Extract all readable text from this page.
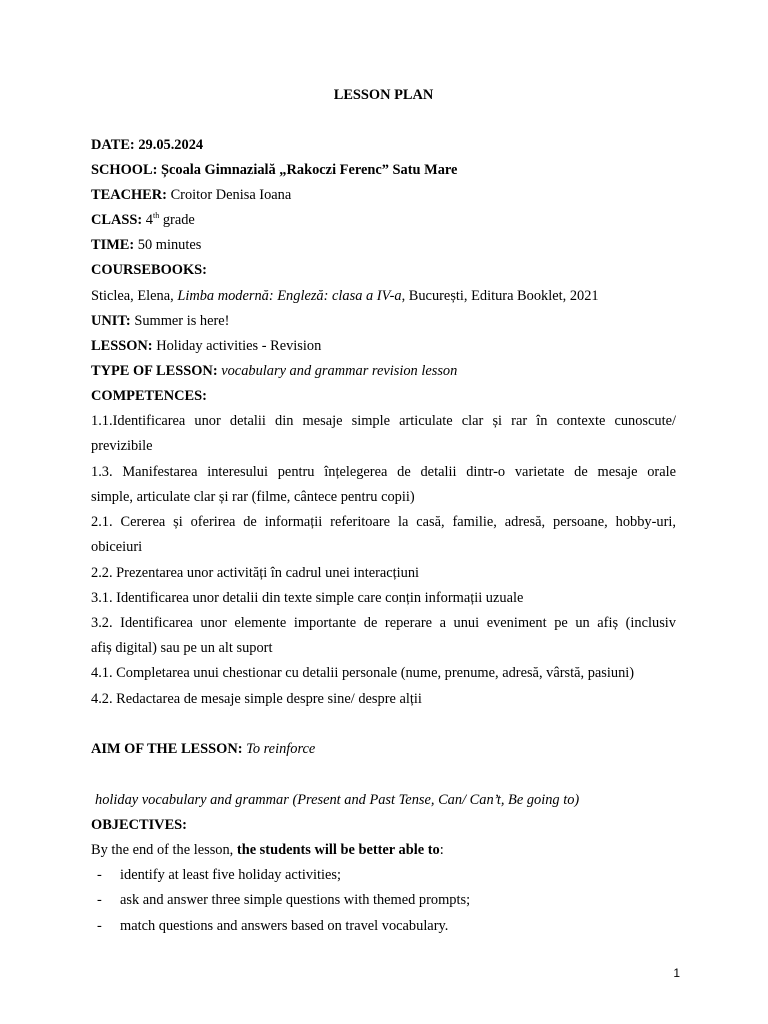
LESSON PLAN
DATE: 29.05.2024
SCHOOL: Școala Gimnazială „Rakoczi Ferenc” Satu Mare
TEACHER: Croitor Denisa Ioana
CLASS: 4th grade
TIME: 50 minutes
COURSEBOOKS:
Sticlea, Elena, Limba modernă: Engleză: clasa a IV-a, București, Editura Booklet, 2021
UNIT: Summer is here!
LESSON: Holiday activities - Revision
TYPE OF LESSON: vocabulary and grammar revision lesson
COMPETENCES:
1.1.Identificarea unor detalii din mesaje simple articulate clar și rar în contexte cunoscute/
previzibile
1.3. Manifestarea interesului pentru înțelegerea de detalii dintr-o varietate de mesaje orale
simple, articulate clar și rar (filme, cântece pentru copii)
2.1. Cererea și oferirea de informații referitoare la casă, familie, adresă, persoane, hobby-uri,
obiceiuri
2.2. Prezentarea unor activități în cadrul unei interacțiuni
3.1. Identificarea unor detalii din texte simple care conțin informații uzuale
3.2. Identificarea unor elemente importante de reperare a unui eveniment pe un afiș (inclusiv
afiș digital) sau pe un alt suport
4.1. Completarea unui chestionar cu detalii personale (nume, prenume, adresă, vârstă, pasiuni)
4.2. Redactarea de mesaje simple despre sine/ despre alții
AIM OF THE LESSON: To reinforce
holiday vocabulary and grammar (Present and Past Tense, Can/ Can’t, Be going to)
OBJECTIVES:
By the end of the lesson, the students will be better able to:
- identify at least five holiday activities;
- ask and answer three simple questions with themed prompts;
- match questions and answers based on travel vocabulary.
1
